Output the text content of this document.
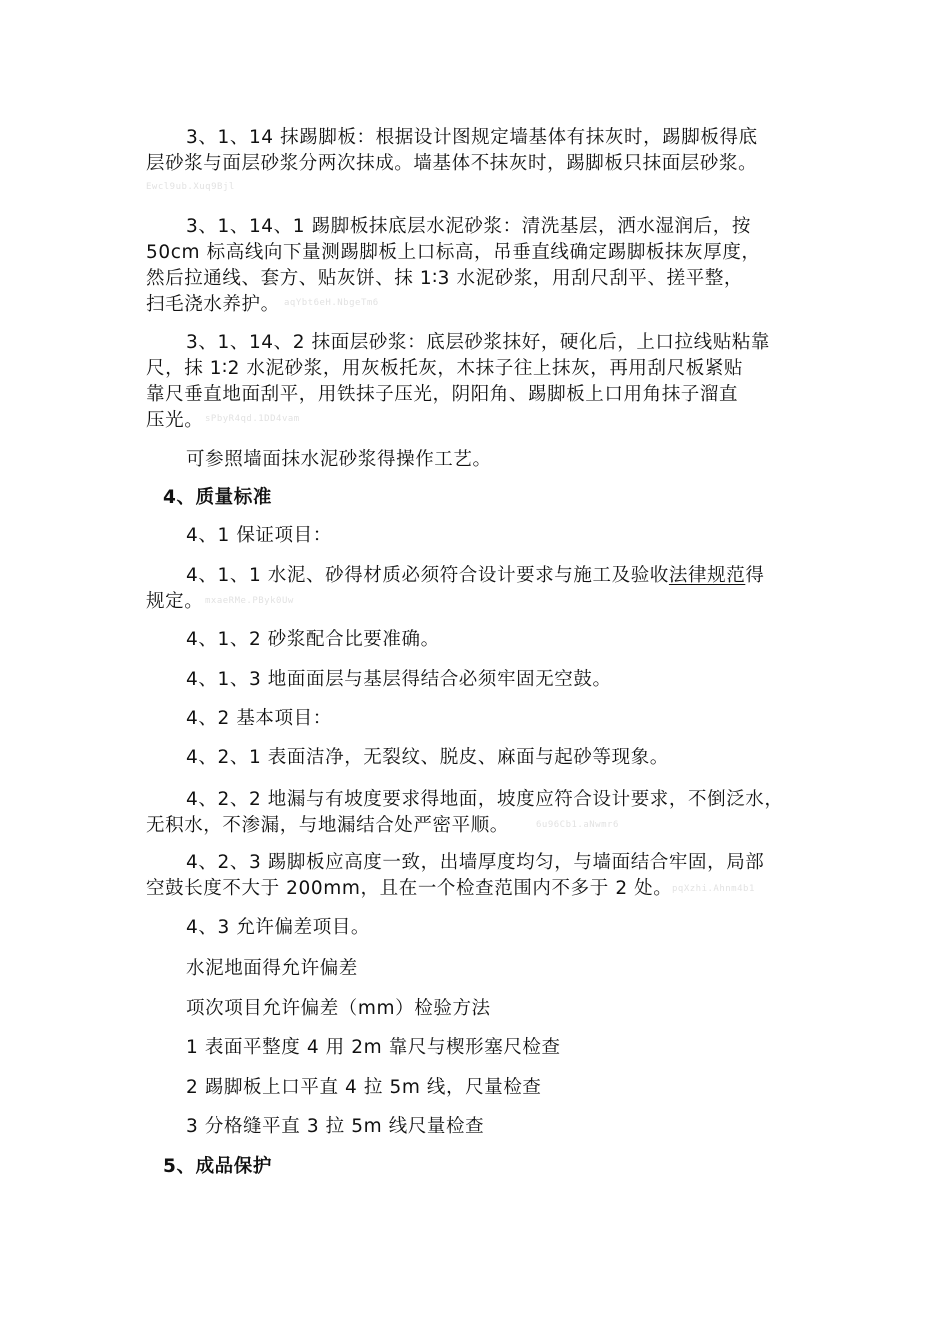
3、1、14 抹踢脚板：根据设计图规定墙基体有抹灰时，踢脚板得底
层砂浆与面层砂浆分两次抹成。墙基体不抹灰时，踢脚板只抹面层砂浆。
Ewcl9ub.Xuq9Bjl
3、1、14、1 踢脚板抹底层水泥砂浆：清洗基层，洒水湿润后，按
50cm 标高线向下量测踢脚板上口标高，吊垂直线确定踢脚板抹灰厚度，
然后拉通线、套方、贴灰饼、抹 1∶3 水泥砂浆，用刮尺刮平、搓平整，
扫毛浇水养护。 aqYbt6eH.NbgeTm6
3、1、14、2 抹面层砂浆：底层砂浆抹好，硬化后，上口拉线贴粘靠
尺，抹 1∶2 水泥砂浆，用灰板托灰，木抹子往上抹灰，再用刮尺板紧贴
靠尺垂直地面刮平，用铁抹子压光，阴阳角、踢脚板上口用角抹子溜直
压光。 sPbyR4qd.1DD4vam
可参照墙面抹水泥砂浆得操作工艺。
4、质量标准
4、1 保证项目：
4、1、1 水泥、砂得材质必须符合设计要求与施工及验收法律规范得
规定。 mxaeRMe.PByk0Uw
4、1、2 砂浆配合比要准确。
4、1、3 地面面层与基层得结合必须牢固无空鼓。
4、2 基本项目：
4、2、1 表面洁净，无裂纹、脱皮、麻面与起砂等现象。
4、2、2 地漏与有坡度要求得地面，坡度应符合设计要求，不倒泛水，
无积水，不渗漏，与地漏结合处严密平顺。	6u96Cb1.aNwmr6
4、2、3 踢脚板应高度一致，出墙厚度均匀，与墙面结合牢固，局部
空鼓长度不大于 200mm，且在一个检查范围内不多于 2 处。 pqXzhi.Ahnm4b1
4、3 允许偏差项目。
水泥地面得允许偏差
项次项目允许偏差（mm）检验方法
1 表面平整度 4 用 2m 靠尺与楔形塞尺检查
2 踢脚板上口平直 4 拉 5m 线，尺量检查
3 分格缝平直 3 拉 5m 线尺量检查
5、成品保护
